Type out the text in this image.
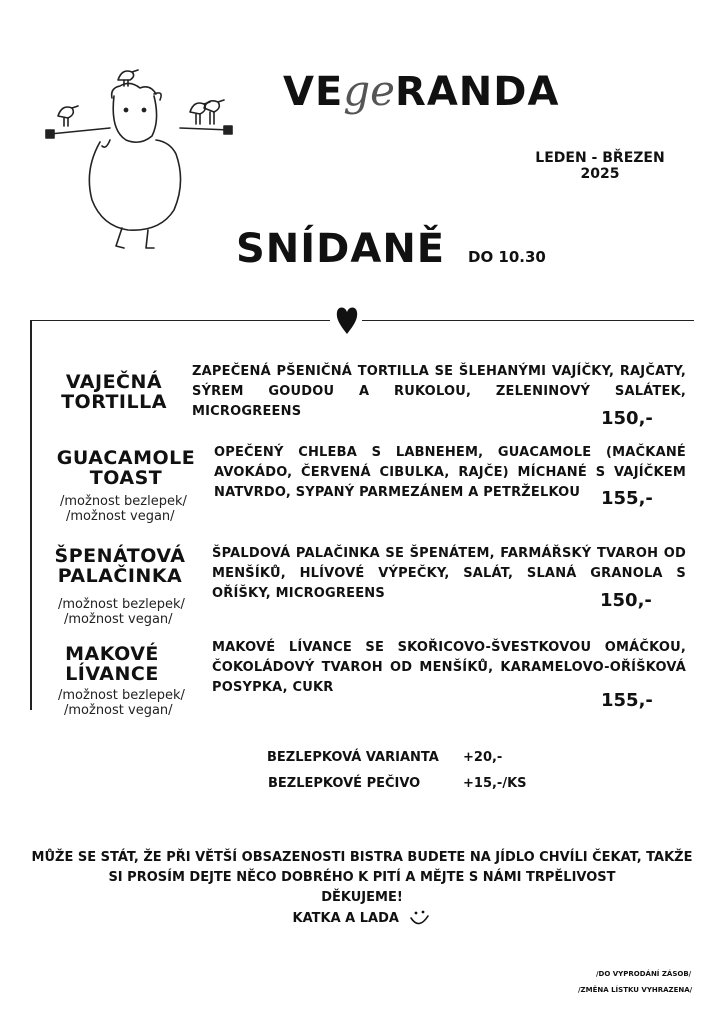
VEgeRANDA
LEDEN - BŘEZEN
2025
SNÍDANĚ DO 10.30
VAJEČNÁ
TORTILLA
ZAPEČENÁ PŠENIČNÁ TORTILLA SE ŠLEHANÝMI VAJÍČKY, RAJČATY, SÝREM GOUDOU A RUKOLOU, ZELENINOVÝ SALÁTEK, MICROGREENS	150,-
GUACAMOLE
TOAST
/možnost bezlepek/
/možnost vegan/
OPEČENÝ CHLEBA S LABNEHEM, GUACAMOLE (MAČKANÉ AVOKÁDO, ČERVENÁ CIBULKA, RAJČE) MÍCHANÉ S VAJÍČKEM NATVRDO, SYPANÝ PARMEZÁNEM A PETRŽELKOU	155,-
ŠPENÁTOVÁ
PALAČINKA
/možnost bezlepek/
/možnost vegan/
ŠPALDOVÁ PALAČINKA SE ŠPENÁTEM, FARMÁŘSKÝ TVAROH OD MENŠÍKŮ, HLÍVOVÉ VÝPEČKY, SALÁT, SLANÁ GRANOLA S OŘÍŠKY, MICROGREENS	150,-
MAKOVÉ
LÍVANCE
/možnost bezlepek/
/možnost vegan/
MAKOVÉ LÍVANCE SE SKOŘICOVO-ŠVESTKOVOU OMÁČKOU, ČOKOLÁDOVÝ TVAROH OD MENŠÍKŮ, KARAMELOVO-OŘÍŠKOVÁ POSYPKA, CUKR
155,-
BEZLEPKOVÁ VARIANTA +20,-
BEZLEPKOVÉ PEČIVO	+15,-/KS
MŮŽE SE STÁT, ŽE PŘI VĚTŠÍ OBSAZENOSTI BISTRA BUDETE NA JÍDLO CHVÍLI ČEKAT, TAKŽE
SI PROSÍM DEJTE NĚCO DOBRÉHO K PITÍ A MĚJTE S NÁMI TRPĚLIVOST
DĚKUJEME!
KATKA A LADA
/DO VYPRODÁNÍ ZÁSOB/
/ZMĚNA LÍSTKU VYHRAZENA/
